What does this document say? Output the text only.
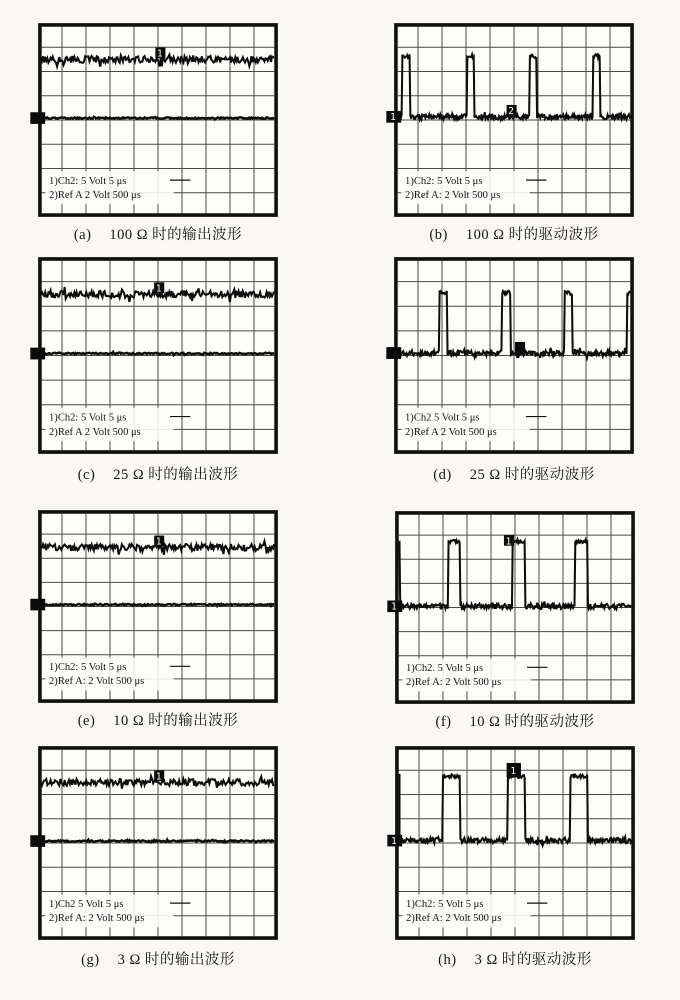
1
1)Ch2: 5 Volt 5 μs
2)Ref A 2 Volt 500 μs
(a) 100 Ω 时的输出波形
1
2
1)Ch2: 5 Volt 5 μs
2)Ref A: 2 Volt 500 μs
(b) 100 Ω 时的驱动波形
1
1)Ch2: 5 Volt 5 μs
2)Ref A 2 Volt 500 μs
(c) 25 Ω 时的输出波形
1)Ch2 5 Volt 5 μs
2)Ref A 2 Volt 500 μs
(d) 25 Ω 时的驱动波形
1
1)Ch2: 5 Volt 5 μs
2)Ref A: 2 Volt 500 μs
(e) 10 Ω 时的输出波形
1
1
1)Ch2. 5 Volt 5 μs
2)Ref A: 2 Volt 500 μs
(f) 10 Ω 时的驱动波形
1
1)Ch2 5 Volt 5 μs
2)Ref A: 2 Volt 500 μs
(g) 3 Ω 时的输出波形
1
1
1)Ch2: 5 Volt 5 μs
2)Ref A: 2 Volt 500 μs
(h) 3 Ω 时的驱动波形
